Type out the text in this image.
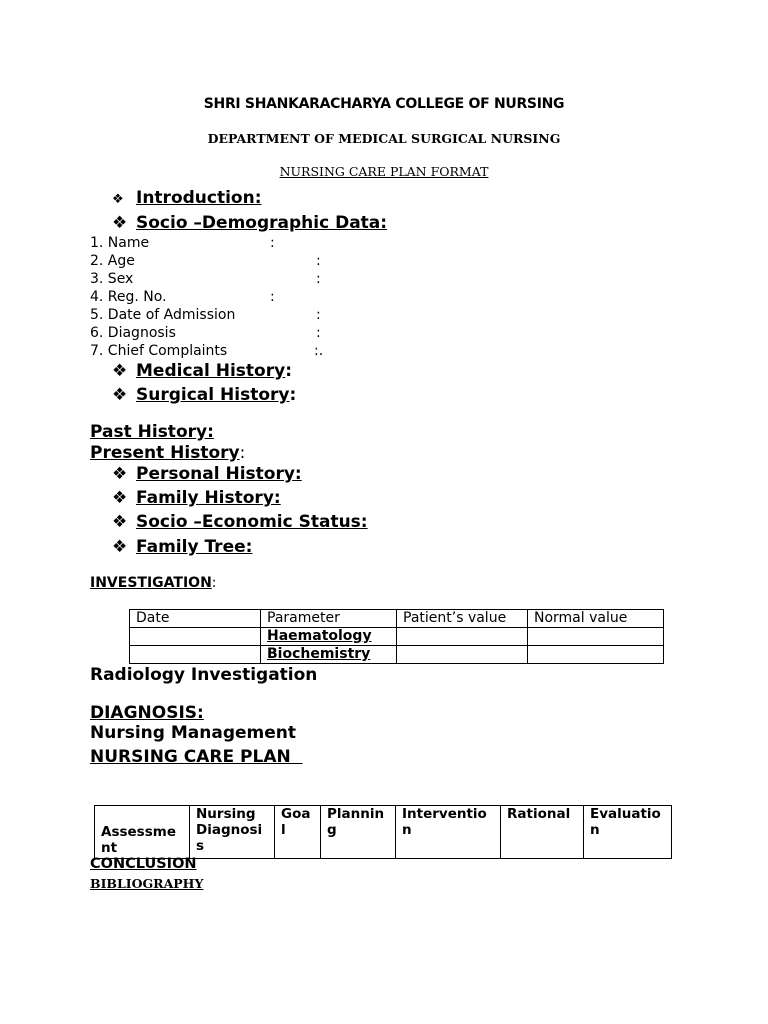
SHRI SHANKARACHARYA COLLEGE OF NURSING
DEPARTMENT OF MEDICAL SURGICAL NURSING
NURSING CARE PLAN FORMAT
❖ Introduction:
❖ Socio –Demographic Data:
1. Name	:
2. Age	:
3. Sex	:
4. Reg. No.	:
5. Date of Admission	:
6. Diagnosis	:
7. Chief Complaints	:.
❖ Medical History:
❖ Surgical History:
Past History:
Present History:
❖ Personal History:
❖ Family History:
❖ Socio –Economic Status:
❖ Family Tree:
INVESTIGATION:
Date	Parameter	Patient’s value	Normal value
	Haematology		
	Biochemistry		
Radiology Investigation
DIAGNOSIS:
Nursing Management
NURSING CARE PLAN
Assessment	Nursing Diagnosis	Goal	Planning	Intervention	Rational	Evaluation
CONCLUSION
BIBLIOGRAPHY
